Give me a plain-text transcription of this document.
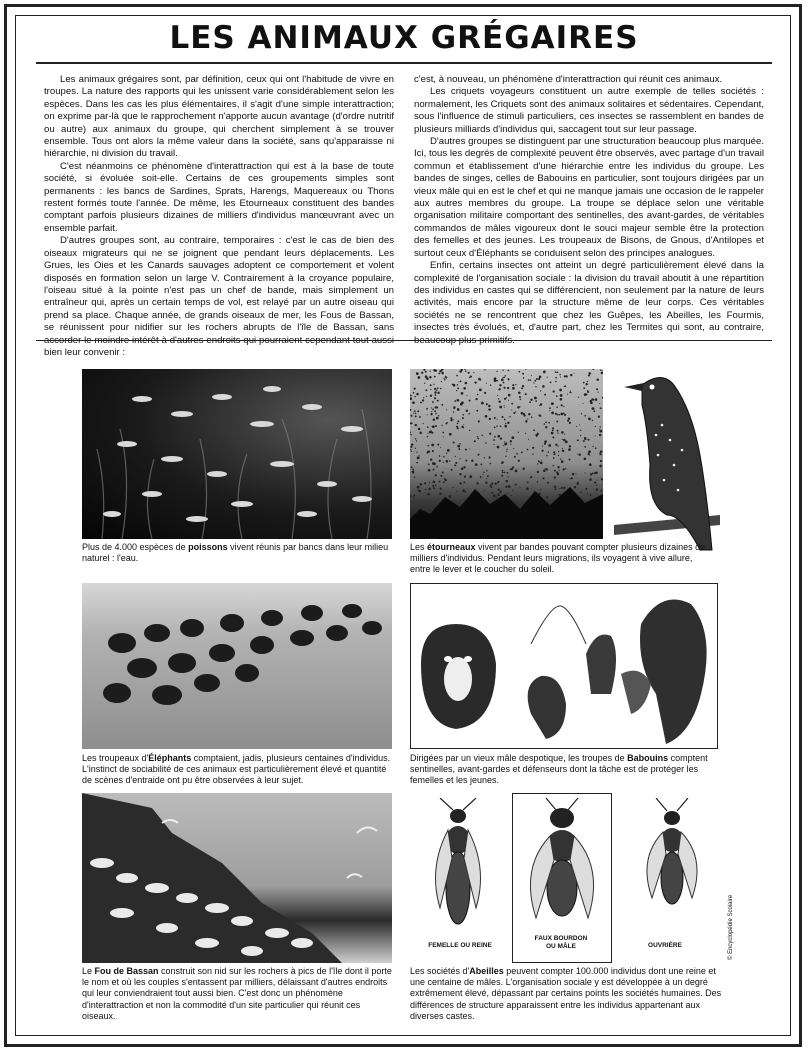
LES ANIMAUX GRÉGAIRES

Les animaux grégaires sont, par définition, ceux qui ont l'habitude de vivre en troupes. La nature des rapports qui les unissent varie considérablement selon les espèces. Dans les cas les plus élémentaires, il s'agit d'une simple interattraction; on exprime par-là que le rapprochement n'apporte aucun avantage (d'ordre nutritif ou autre) aux animaux du groupe, qui cherchent simplement à se trouver ensemble. Tous ont alors la même valeur dans la société, sans qu'apparaisse ni hiérarchie, ni division du travail.

C'est néanmoins ce phénomène d'interattraction qui est à la base de toute société, si évoluée soit-elle. Certains de ces groupements simples sont permanents : les bancs de Sardines, Sprats, Harengs, Maquereaux ou Thons restent formés toute l'année. De même, les Etourneaux constituent des bandes comptant parfois plusieurs dizaines de milliers d'individus manœuvrant avec un ensemble parfait.

D'autres groupes sont, au contraire, temporaires : c'est le cas de bien des oiseaux migrateurs qui ne se joignent que pendant leurs déplacements. Les Grues, les Oies et les Canards sauvages adoptent ce comportement et volent disposés en formation selon un large V. Contrairement à la croyance populaire, l'oiseau situé à la pointe n'est pas un chef de bande, mais simplement un entraîneur qui, après un certain temps de vol, est relayé par un autre oiseau qui prend sa place. Chaque année, de grands oiseaux de mer, les Fous de Bassan, se réunissent pour nidifier sur les rochers abrupts de l'île de Bassan, sans accorder le moindre intérêt à d'autres endroits qui pourraient cependant tout aussi bien leur convenir :

c'est, à nouveau, un phénomène d'interattraction qui réunit ces animaux.

Les criquets voyageurs constituent un autre exemple de telles sociétés : normalement, les Criquets sont des animaux solitaires et sédentaires. Cependant, sous l'influence de stimuli particuliers, ces insectes se rassemblent en bandes de plusieurs milliards d'individus qui, saccagent tout sur leur passage.

D'autres groupes se distinguent par une structuration beaucoup plus marquée. Ici, tous les degrés de complexité peuvent être observés, avec partage d'un travail commun et établissement d'une hiérarchie entre les individus du groupe. Les bandes de singes, celles de Babouins en particulier, sont toujours dirigées par un vieux mâle qui en est le chef et qui ne manque jamais une occasion de le rappeler aux autres membres du groupe. La troupe se déplace selon une véritable organisation militaire comportant des sentinelles, des avant-gardes, de véritables commandos de mâles vigoureux dont le souci majeur semble être la protection des femelles et des jeunes. Les troupeaux de Bisons, de Gnous, d'Antilopes et surtout ceux d'Éléphants se conduisent selon des principes analogues.

Enfin, certains insectes ont atteint un degré particulièrement élevé dans la complexité de l'organisation sociale : la division du travail aboutit à une répartition des individus en castes qui se différencient, non seulement par la nature de leurs activités, mais encore par la structure même de leur corps. Ces véritables sociétés ne se rencontrent que chez les Guêpes, les Abeilles, les Fourmis, insectes très évolués, et, d'autre part, chez les Termites qui sont, au contraire, beaucoup plus primitifs.

Plus de 4.000 espèces de poissons vivent réunis par bancs dans leur milieu naturel : l'eau.
Les étourneaux vivent par bandes pouvant compter plusieurs dizaines de milliers d'individus. Pendant leurs migrations, ils voyagent à vive allure, entre le lever et le coucher du soleil.
Les troupeaux d'Éléphants comptaient, jadis, plusieurs centaines d'individus. L'instinct de sociabilité de ces animaux est particulièrement élevé et quantité de scènes d'entraide ont pu être observées à leur sujet.
Dirigées par un vieux mâle despotique, les troupes de Babouins comptent sentinelles, avant-gardes et défenseurs dont la tâche est de protéger les femelles et les jeunes.
Le Fou de Bassan construit son nid sur les rochers à pics de l'île dont il porte le nom et où les couples s'entassent par milliers, délaissant d'autres endroits qui leur conviendraient tout aussi bien. C'est donc un phénomène d'interattraction et non la commodité d'un site particulier qui réunit ces oiseaux.
FEMELLE OU REINE
FAUX BOURDON
OU MÂLE	OUVRIÈRE
Les sociétés d'Abeilles peuvent compter 100.000 individus dont une reine et une centaine de mâles. L'organisation sociale y est développée à un degré extrêmement élevé, dépassant par certains points les sociétés humaines. Des différences de structure apparaissent entre les individus appartenant aux diverses castes.
© Encyclopédie Scolaire
